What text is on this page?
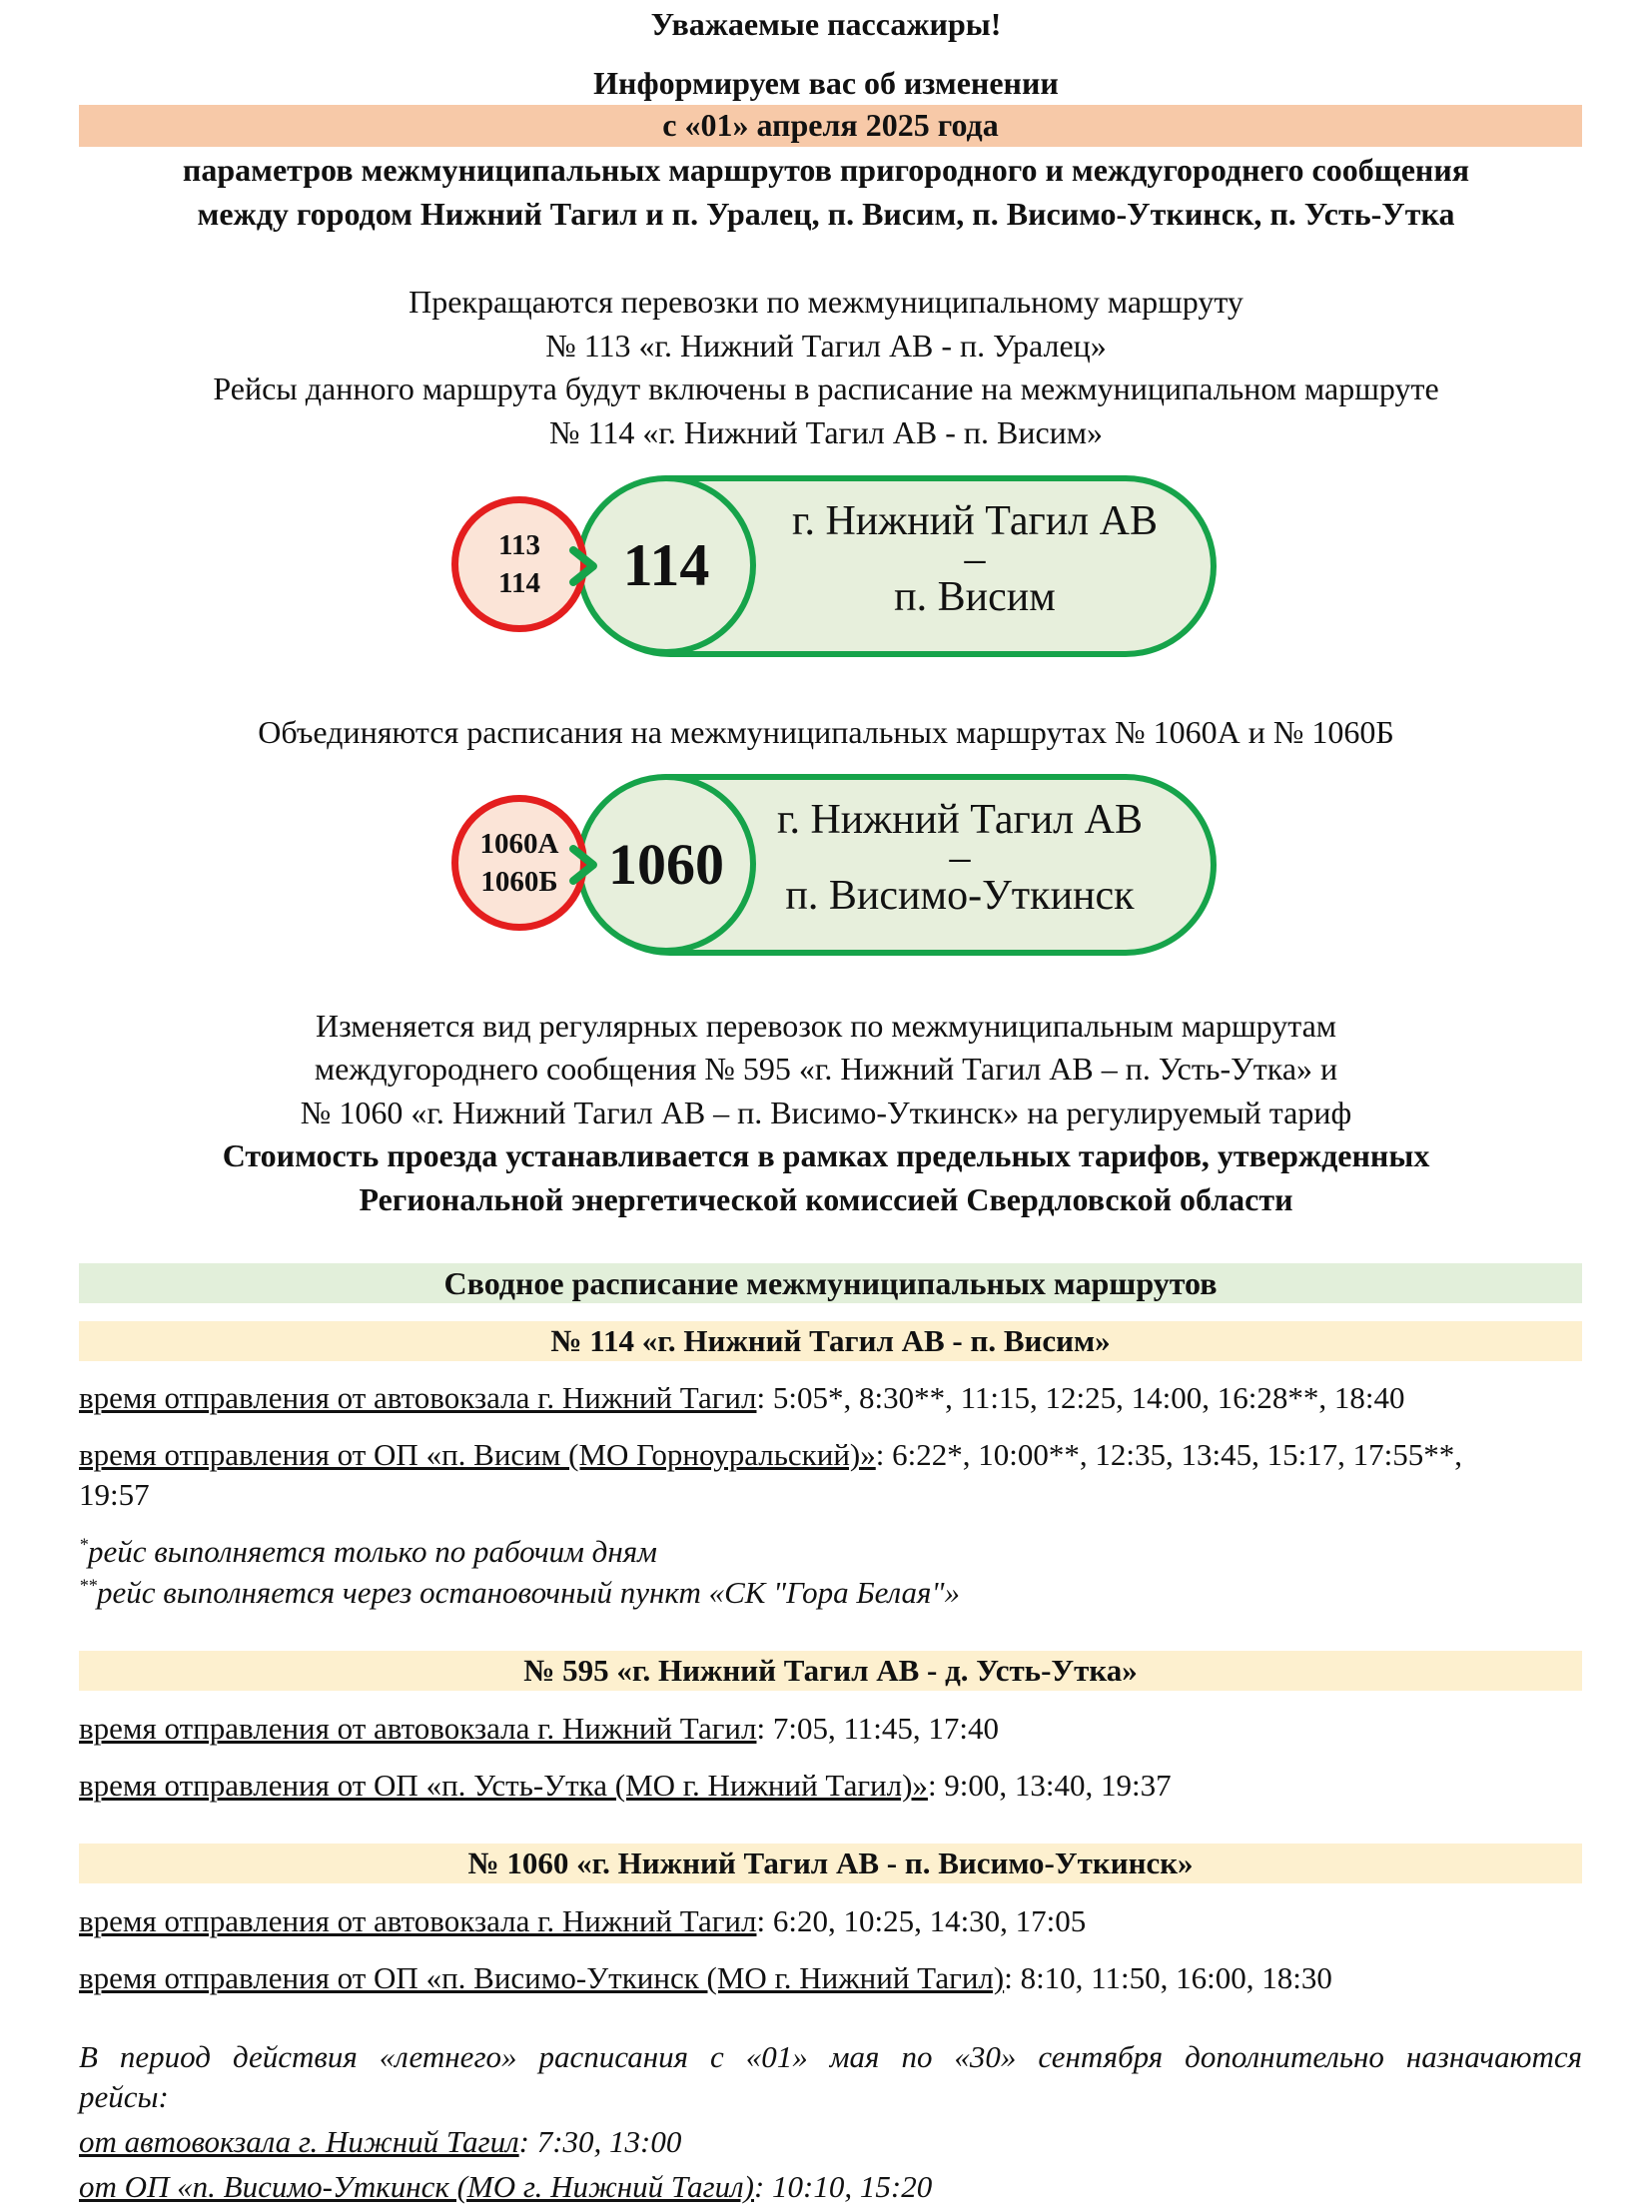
Уважаемые пассажиры!
Информируем вас об изменении
с «01» апреля 2025 года
параметров межмуниципальных маршрутов пригородного и междугороднего сообщения
между городом Нижний Тагил и п. Уралец, п. Висим, п. Висимо-Уткинск, п. Усть-Утка
Прекращаются перевозки по межмуниципальному маршруту
№ 113 «г. Нижний Тагил АВ - п. Уралец»
Рейсы данного маршрута будут включены в расписание на межмуниципальном маршруте
№ 114 «г. Нижний Тагил АВ - п. Висим»
г. Нижний Тагил АВ
–
п. Висим
114
113
114
Объединяются расписания на межмуниципальных маршрутах № 1060А и № 1060Б
г. Нижний Тагил АВ
–
п. Висимо-Уткинск
1060
1060А
1060Б
Изменяется вид регулярных перевозок по межмуниципальным маршрутам
междугороднего сообщения № 595 «г. Нижний Тагил АВ – п. Усть-Утка» и
№ 1060 «г. Нижний Тагил АВ – п. Висимо-Уткинск» на регулируемый тариф
Стоимость проезда устанавливается в рамках предельных тарифов, утвержденных
Региональной энергетической комиссией Свердловской области
Сводное расписание межмуниципальных маршрутов
№ 114 «г. Нижний Тагил АВ - п. Висим»
время отправления от автовокзала г. Нижний Тагил: 5:05*, 8:30**, 11:15, 12:25, 14:00, 16:28**, 18:40
время отправления от ОП «п. Висим (МО Горноуральский)»: 6:22*, 10:00**, 12:35, 13:45, 15:17, 17:55**,
19:57
*рейс выполняется только по рабочим дням
**рейс выполняется через остановочный пункт «СК "Гора Белая"»
№ 595 «г. Нижний Тагил АВ - д. Усть-Утка»
время отправления от автовокзала г. Нижний Тагил: 7:05, 11:45, 17:40
время отправления от ОП «п. Усть-Утка (МО г. Нижний Тагил)»: 9:00, 13:40, 19:37
№ 1060 «г. Нижний Тагил АВ - п. Висимо-Уткинск»
время отправления от автовокзала г. Нижний Тагил: 6:20, 10:25, 14:30, 17:05
время отправления от ОП «п. Висимо-Уткинск (МО г. Нижний Тагил): 8:10, 11:50, 16:00, 18:30
В период действия «летнего» расписания с «01» мая по «30» сентября дополнительно назначаются
рейсы:
от автовокзала г. Нижний Тагил: 7:30, 13:00
от ОП «п. Висимо-Уткинск (МО г. Нижний Тагил): 10:10, 15:20
